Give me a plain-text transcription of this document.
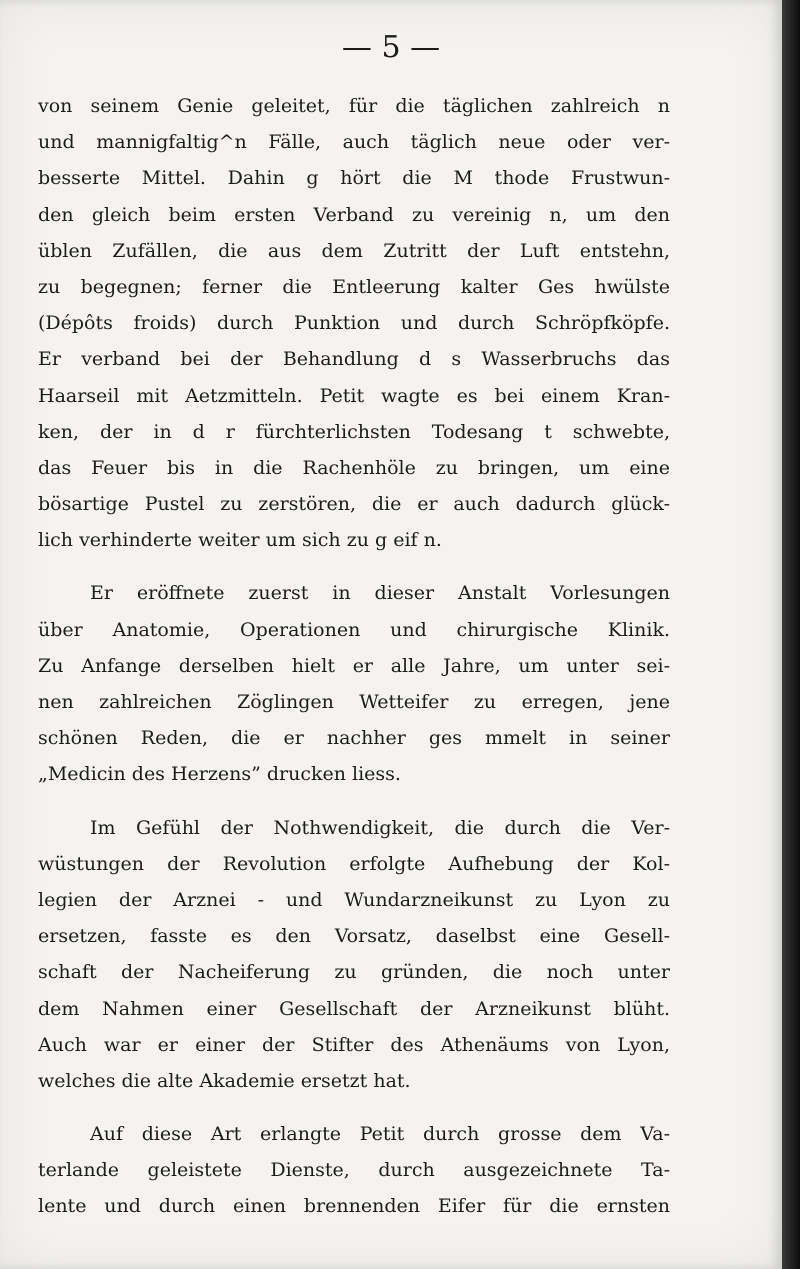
— 5 —
von seinem Genie geleitet, für die täglichen zahlreich n
und mannigfaltig^n Fälle, auch täglich neue oder ver-
besserte Mittel. Dahin g hört die M thode Frustwun-
den gleich beim ersten Verband zu vereinig n, um den
üblen Zufällen, die aus dem Zutritt der Luft entstehn,
zu begegnen; ferner die Entleerung kalter Ges hwülste
(Dépôts froids) durch Punktion und durch Schröpfköpfe.
Er verband bei der Behandlung d s Wasserbruchs das
Haarseil mit Aetzmitteln. Petit wagte es bei einem Kran-
ken, der in d r fürchterlichsten Todesang t schwebte,
das Feuer bis in die Rachenhöle zu bringen, um eine
bösartige Pustel zu zerstören, die er auch dadurch glück-
lich verhinderte weiter um sich zu g eif n.
Er eröffnete zuerst in dieser Anstalt Vorlesungen
über Anatomie, Operationen und chirurgische Klinik.
Zu Anfange derselben hielt er alle Jahre, um unter sei-
nen zahlreichen Zöglingen Wetteifer zu erregen, jene
schönen Reden, die er nachher ges mmelt in seiner
„Medicin des Herzens” drucken liess.
Im Gefühl der Nothwendigkeit, die durch die Ver-
wüstungen der Revolution erfolgte Aufhebung der Kol-
legien der Arznei - und Wundarzneikunst zu Lyon zu
ersetzen, fasste es den Vorsatz, daselbst eine Gesell-
schaft der Nacheiferung zu gründen, die noch unter
dem Nahmen einer Gesellschaft der Arzneikunst blüht.
Auch war er einer der Stifter des Athenäums von Lyon,
welches die alte Akademie ersetzt hat.
Auf diese Art erlangte Petit durch grosse dem Va-
terlande geleistete Dienste, durch ausgezeichnete Ta-
lente und durch einen brennenden Eifer für die ernsten
